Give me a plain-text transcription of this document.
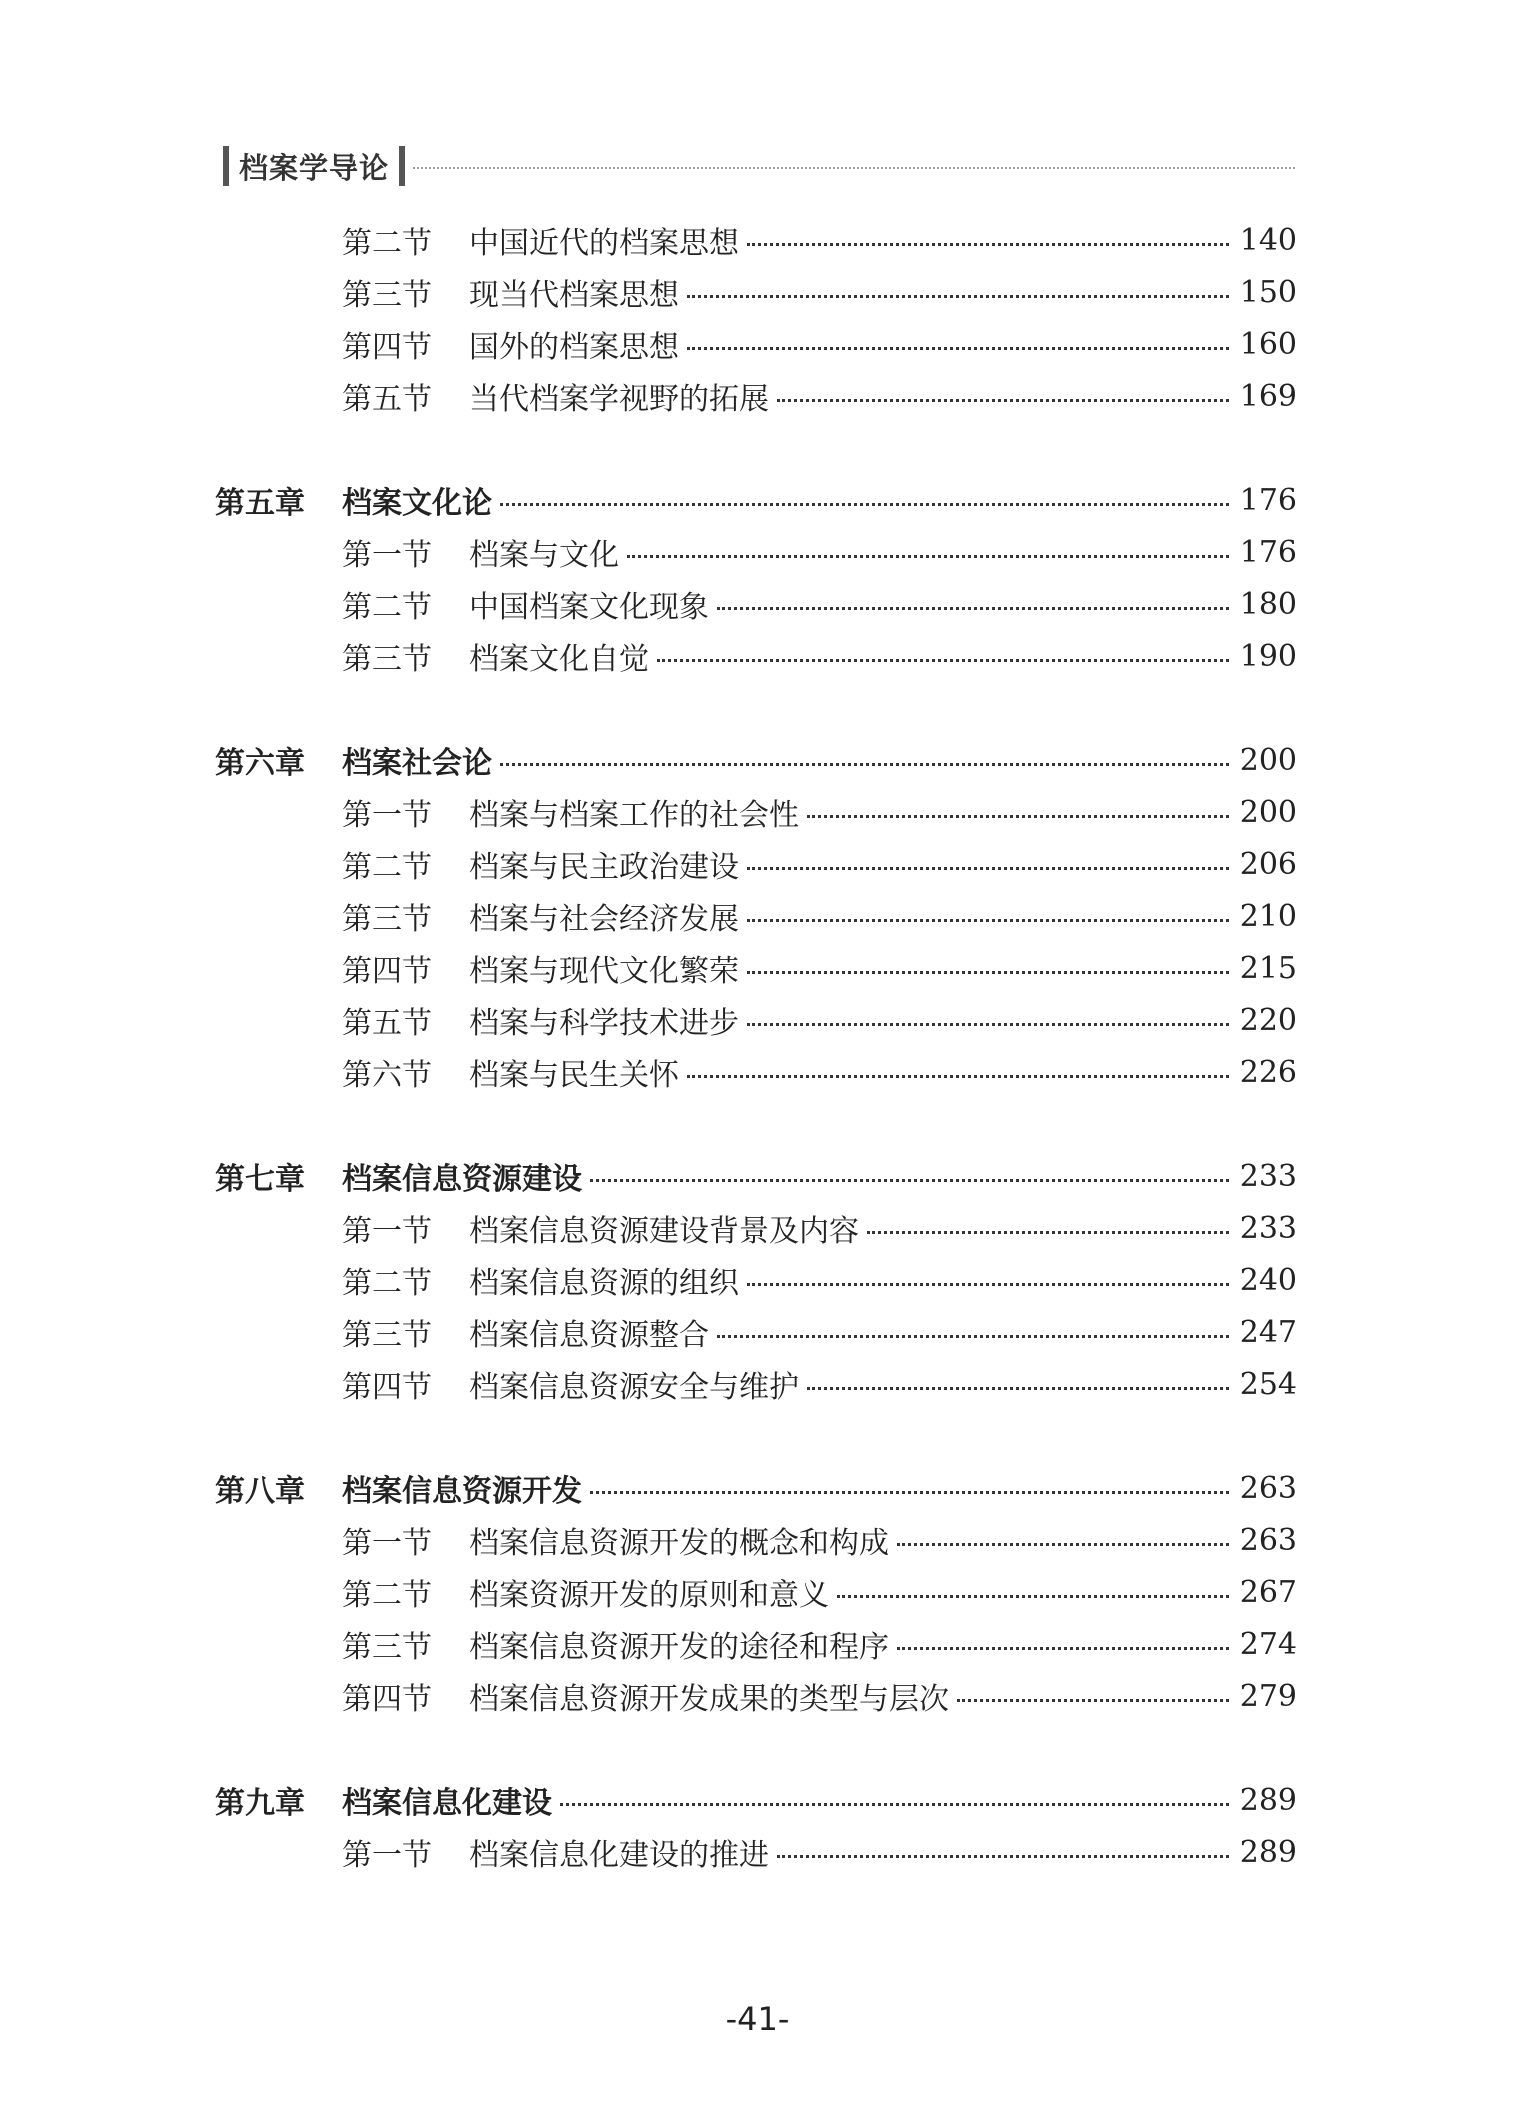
档案学导论
第二节	中国近代的档案思想	140
第三节	现当代档案思想	150
第四节	国外的档案思想	160
第五节	当代档案学视野的拓展	169
第五章	档案文化论	176
第一节	档案与文化	176
第二节	中国档案文化现象	180
第三节	档案文化自觉	190
第六章	档案社会论	200
第一节	档案与档案工作的社会性	200
第二节	档案与民主政治建设	206
第三节	档案与社会经济发展	210
第四节	档案与现代文化繁荣	215
第五节	档案与科学技术进步	220
第六节	档案与民生关怀	226
第七章	档案信息资源建设	233
第一节	档案信息资源建设背景及内容	233
第二节	档案信息资源的组织	240
第三节	档案信息资源整合	247
第四节	档案信息资源安全与维护	254
第八章	档案信息资源开发	263
第一节	档案信息资源开发的概念和构成	263
第二节	档案资源开发的原则和意义	267
第三节	档案信息资源开发的途径和程序	274
第四节	档案信息资源开发成果的类型与层次	279
第九章	档案信息化建设	289
第一节	档案信息化建设的推进	289
-41-
